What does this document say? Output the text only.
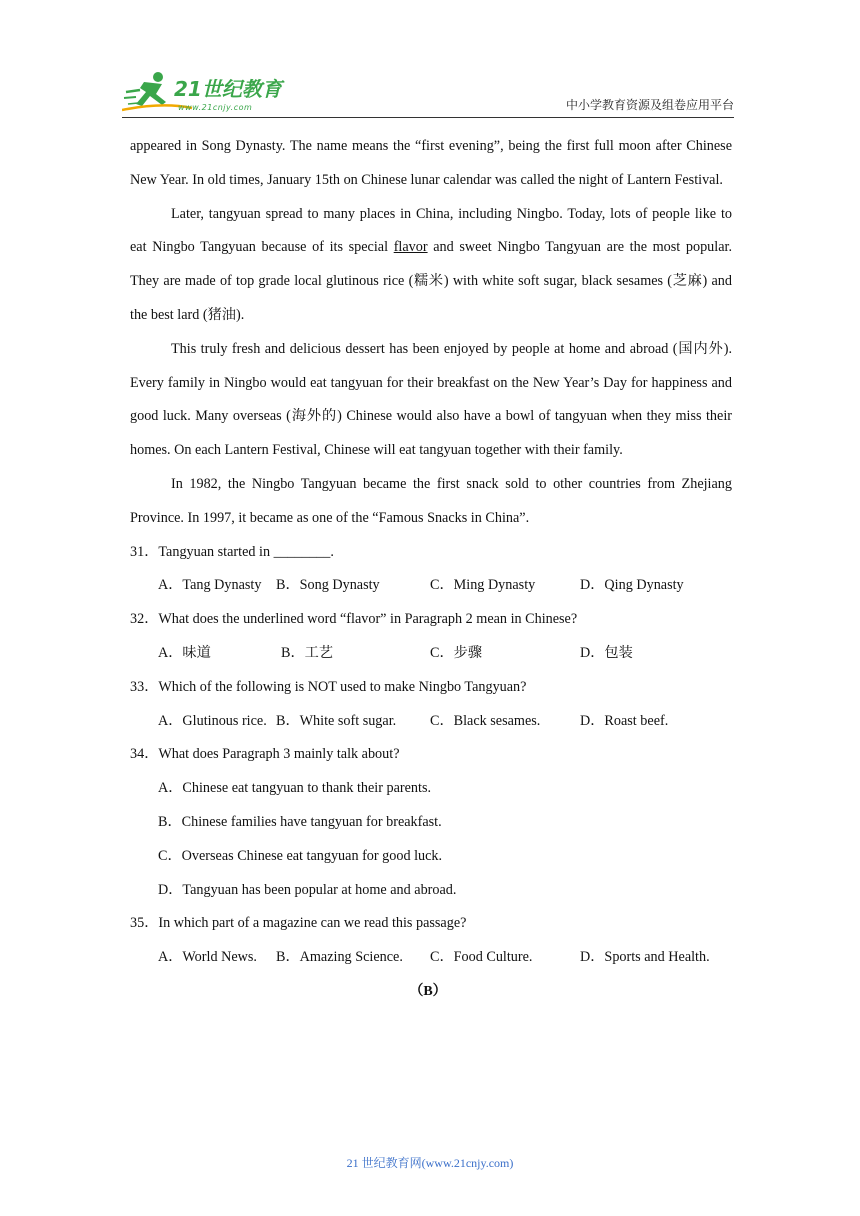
21世纪教育
www.21cnjy.com	中小学教育资源及组卷应用平台

appeared in Song Dynasty. The name means the “first evening”, being the first full moon after Chinese New Year. In old times, January 15th on Chinese lunar calendar was called the night of Lantern Festival.

Later, tangyuan spread to many places in China, including Ningbo. Today, lots of people like to eat Ningbo Tangyuan because of its special flavor and sweet Ningbo Tangyuan are the most popular. They are made of top grade local glutinous rice (糯米) with white soft sugar, black sesames (芝麻) and the best lard (猪油).

This truly fresh and delicious dessert has been enjoyed by people at home and abroad (国内外). Every family in Ningbo would eat tangyuan for their breakfast on the New Year’s Day for happiness and good luck. Many overseas (海外的) Chinese would also have a bowl of tangyuan when they miss their homes. On each Lantern Festival, Chinese will eat tangyuan together with their family.

In 1982, the Ningbo Tangyuan became the first snack sold to other countries from Zhejiang Province. In 1997, it became as one of the “Famous Snacks in China”.

31．Tangyuan started in ________.

A．Tang Dynasty	B．Song Dynasty	C．Ming Dynasty	D．Qing Dynasty

32．What does the underlined word “flavor” in Paragraph 2 mean in Chinese?

A．味道	B．工艺	C．步骤	D．包装

33．Which of the following is NOT used to make Ningbo Tangyuan?

A．Glutinous rice. B．White soft sugar.	C．Black sesames.	D．Roast beef.

34．What does Paragraph 3 mainly talk about?

A．Chinese eat tangyuan to thank their parents.

B．Chinese families have tangyuan for breakfast.

C．Overseas Chinese eat tangyuan for good luck.

D．Tangyuan has been popular at home and abroad.

35．In which part of a magazine can we read this passage?

A．World News.	B．Amazing Science.	C．Food Culture.	D．Sports and Health.

（B）

21 世纪教育网(www.21cnjy.com)
